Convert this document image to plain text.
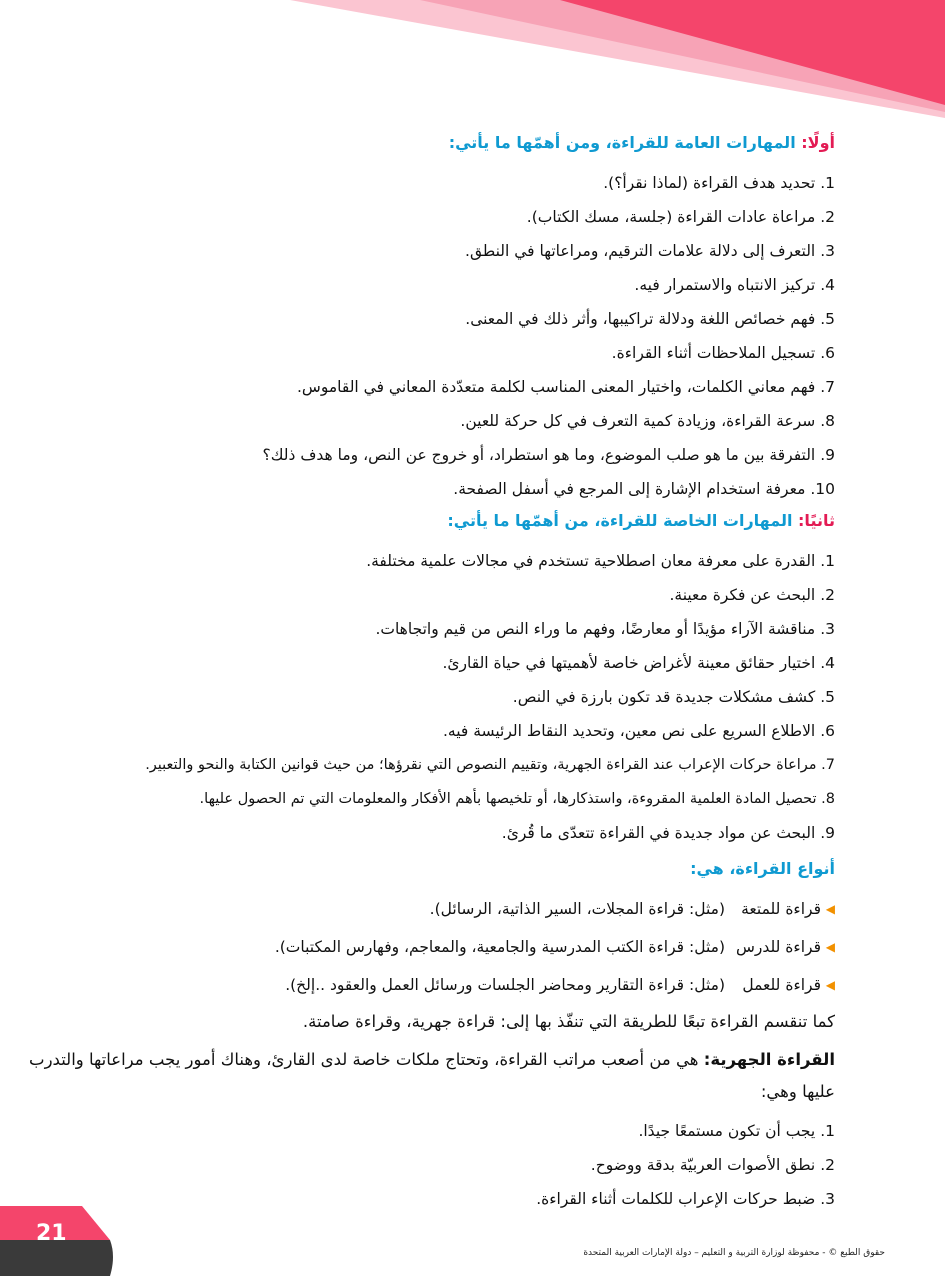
أولًا: المهارات العامة للقراءة، ومن أهمّها ما يأتي:
1. تحديد هدف القراءة (لماذا نقرأ؟).
2. مراعاة عادات القراءة (جلسة، مسك الكتاب).
3. التعرف إلى دلالة علامات الترقيم، ومراعاتها في النطق.
4. تركيز الانتباه والاستمرار فيه.
5. فهم خصائص اللغة ودلالة تراكيبها، وأثر ذلك في المعنى.
6. تسجيل الملاحظات أثناء القراءة.
7. فهم معاني الكلمات، واختيار المعنى المناسب لكلمة متعدّدة المعاني في القاموس.
8. سرعة القراءة، وزيادة كمية التعرف في كل حركة للعين.
9. التفرقة بين ما هو صلب الموضوع، وما هو استطراد، أو خروج عن النص، وما هدف ذلك؟
10. معرفة استخدام الإشارة إلى المرجع في أسفل الصفحة.
ثانيًا: المهارات الخاصة للقراءة، من أهمّها ما يأتي:
1. القدرة على معرفة معان اصطلاحية تستخدم في مجالات علمية مختلفة.
2. البحث عن فكرة معينة.
3. مناقشة الآراء مؤيدًا أو معارضًا، وفهم ما وراء النص من قيم واتجاهات.
4. اختيار حقائق معينة لأغراض خاصة لأهميتها في حياة القارئ.
5. كشف مشكلات جديدة قد تكون بارزة في النص.
6. الاطلاع السريع على نص معين، وتحديد النقاط الرئيسة فيه.
7. مراعاة حركات الإعراب عند القراءة الجهرية، وتقييم النصوص التي نقرؤها؛ من حيث قوانين الكتابة والنحو والتعبير.
8. تحصيل المادة العلمية المقروءة، واستذكارها، أو تلخيصها بأهم الأفكار والمعلومات التي تم الحصول عليها.
9. البحث عن مواد جديدة في القراءة تتعدّى ما قُرئ.
أنواع القراءة، هي:
◀
قراءة للمتعة(مثل: قراءة المجلات، السير الذاتية، الرسائل).
◀
قراءة للدرس(مثل: قراءة الكتب المدرسية والجامعية، والمعاجم، وفهارس المكتبات).
◀
قراءة للعمل(مثل: قراءة التقارير ومحاضر الجلسات ورسائل العمل والعقود ..إلخ).
كما تنقسم القراءة تبعًا للطريقة التي تنفّذ بها إلى: قراءة جهرية، وقراءة صامتة.

القراءة الجهرية: هي من أصعب مراتب القراءة، وتحتاج ملكات خاصة لدى القارئ، وهناك أمور يجب مراعاتها والتدرب عليها وهي:

1. يجب أن تكون مستمعًا جيدًا.
2. نطق الأصوات العربيّة بدقة ووضوح.
3. ضبط حركات الإعراب للكلمات أثناء القراءة.
21
حقوق الطبع © - محفوظة لوزارة التربية و التعليم – دولة الإمارات العربية المتحدة
